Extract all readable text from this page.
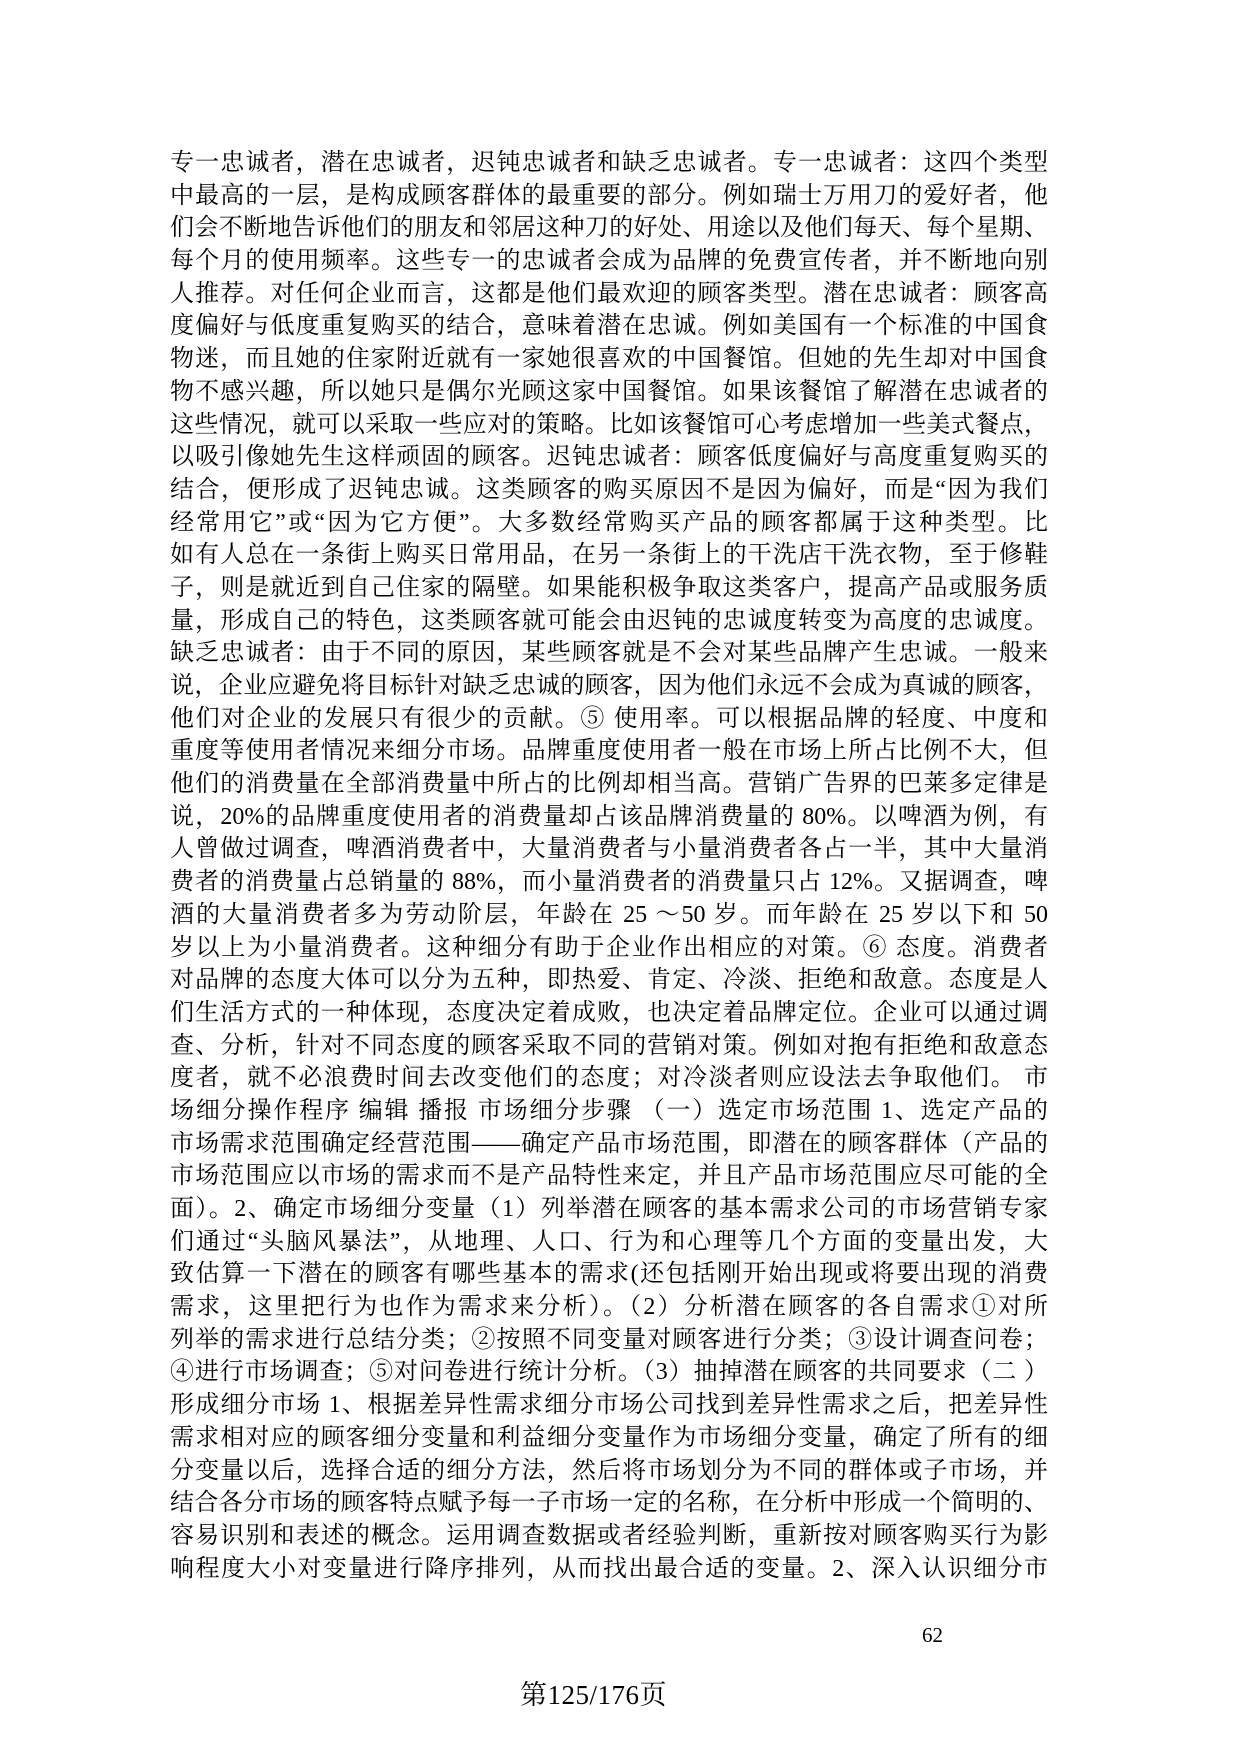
专一忠诚者，潜在忠诚者，迟钝忠诚者和缺乏忠诚者。专一忠诚者：这四个类型
中最高的一层，是构成顾客群体的最重要的部分。例如瑞士万用刀的爱好者，他
们会不断地告诉他们的朋友和邻居这种刀的好处、用途以及他们每天、每个星期、
每个月的使用频率。这些专一的忠诚者会成为品牌的免费宣传者，并不断地向别
人推荐。对任何企业而言，这都是他们最欢迎的顾客类型。潜在忠诚者：顾客高
度偏好与低度重复购买的结合，意味着潜在忠诚。例如美国有一个标准的中国食
物迷，而且她的住家附近就有一家她很喜欢的中国餐馆。但她的先生却对中国食
物不感兴趣，所以她只是偶尔光顾这家中国餐馆。如果该餐馆了解潜在忠诚者的
这些情况，就可以采取一些应对的策略。比如该餐馆可心考虑增加一些美式餐点，
以吸引像她先生这样顽固的顾客。迟钝忠诚者：顾客低度偏好与高度重复购买的
结合，便形成了迟钝忠诚。这类顾客的购买原因不是因为偏好，而是“因为我们
经常用它”或“因为它方便”。大多数经常购买产品的顾客都属于这种类型。比
如有人总在一条街上购买日常用品，在另一条街上的干洗店干洗衣物，至于修鞋
子，则是就近到自己住家的隔壁。如果能积极争取这类客户，提高产品或服务质
量，形成自己的特色，这类顾客就可能会由迟钝的忠诚度转变为高度的忠诚度。
缺乏忠诚者：由于不同的原因，某些顾客就是不会对某些品牌产生忠诚。一般来
说，企业应避免将目标针对缺乏忠诚的顾客，因为他们永远不会成为真诚的顾客，
他们对企业的发展只有很少的贡献。⑤ 使用率。可以根据品牌的轻度、中度和
重度等使用者情况来细分市场。品牌重度使用者一般在市场上所占比例不大，但
他们的消费量在全部消费量中所占的比例却相当高。营销广告界的巴莱多定律是
说，20%的品牌重度使用者的消费量却占该品牌消费量的 80%。以啤酒为例，有
人曾做过调查，啤酒消费者中，大量消费者与小量消费者各占一半，其中大量消
费者的消费量占总销量的 88%，而小量消费者的消费量只占 12%。又据调查，啤
酒的大量消费者多为劳动阶层，年龄在 25 ～50 岁。而年龄在 25 岁以下和 50
岁以上为小量消费者。这种细分有助于企业作出相应的对策。⑥ 态度。消费者
对品牌的态度大体可以分为五种，即热爱、肯定、冷淡、拒绝和敌意。态度是人
们生活方式的一种体现，态度决定着成败，也决定着品牌定位。企业可以通过调
查、分析，针对不同态度的顾客采取不同的营销对策。例如对抱有拒绝和敌意态
度者，就不必浪费时间去改变他们的态度；对冷淡者则应设法去争取他们。 市
场细分操作程序 编辑 播报 市场细分步骤 （一）选定市场范围 1、选定产品的
市场需求范围确定经营范围——确定产品市场范围，即潜在的顾客群体（产品的
市场范围应以市场的需求而不是产品特性来定，并且产品市场范围应尽可能的全
面）。2、确定市场细分变量（1）列举潜在顾客的基本需求公司的市场营销专家
们通过“头脑风暴法”，从地理、人口、行为和心理等几个方面的变量出发，大
致估算一下潜在的顾客有哪些基本的需求(还包括刚开始出现或将要出现的消费
需求，这里把行为也作为需求来分析）。（2）分析潜在顾客的各自需求①对所
列举的需求进行总结分类；②按照不同变量对顾客进行分类；③设计调查问卷；
④进行市场调查；⑤对问卷进行统计分析。（3）抽掉潜在顾客的共同要求（二 ）
形成细分市场 1、根据差异性需求细分市场公司找到差异性需求之后，把差异性
需求相对应的顾客细分变量和利益细分变量作为市场细分变量，确定了所有的细
分变量以后，选择合适的细分方法，然后将市场划分为不同的群体或子市场，并
结合各分市场的顾客特点赋予每一子市场一定的名称，在分析中形成一个简明的、
容易识别和表述的概念。运用调查数据或者经验判断，重新按对顾客购买行为影
响程度大小对变量进行降序排列，从而找出最合适的变量。2、深入认识细分市
62
第125/176页
